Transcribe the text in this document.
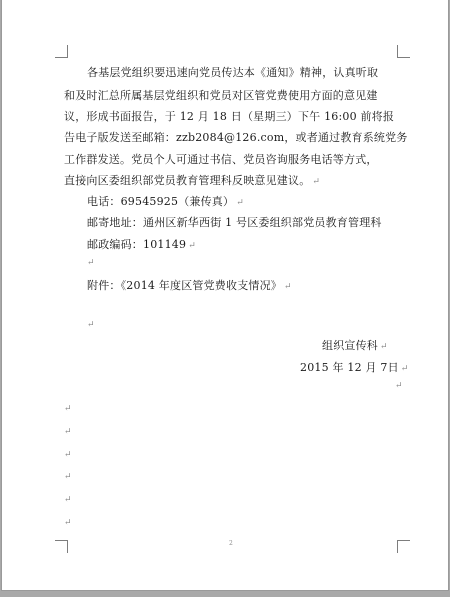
各基层党组织要迅速向党员传达本《通知》精神，认真听取
和及时汇总所属基层党组织和党员对区管党费使用方面的意见建
议，形成书面报告，于 12 月 18 日（星期三）下午 16:00 前将报
告电子版发送至邮箱：zzb2084@126.com，或者通过教育系统党务
工作群发送。党员个人可通过书信、党员咨询服务电话等方式，
直接向区委组织部党员教育管理科反映意见建议。 ↵
电话：69545925（兼传真） ↵
邮寄地址：通州区新华西街 1 号区委组织部党员教育管理科
邮政编码：101149 ↵
↵
附件：《2014 年度区管党费收支情况》 ↵
↵
组织宣传科 ↵
2015 年 12 月 7日 ↵
↵
↵
↵
↵
↵
↵
↵
2
